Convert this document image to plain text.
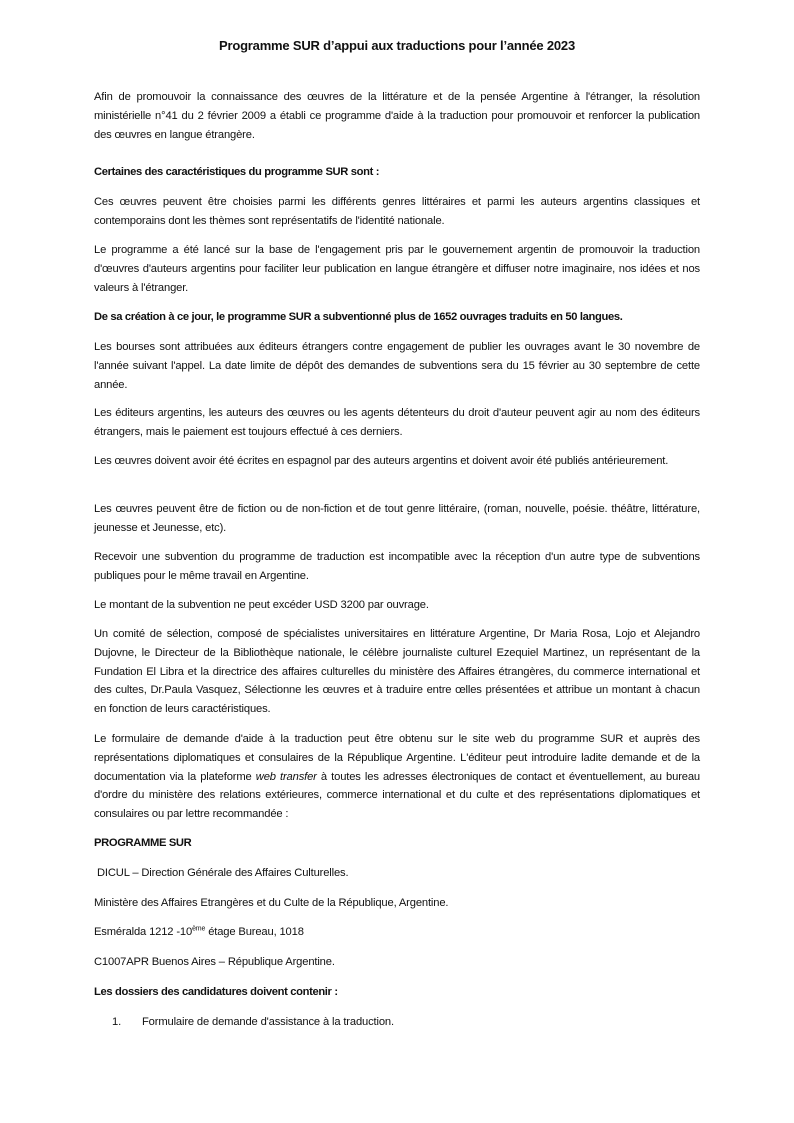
Programme SUR d’appui aux traductions pour l’année 2023

Afin de promouvoir la connaissance des œuvres de la littérature et de la pensée Argentine à l'étranger, la résolution ministérielle n°41 du 2 février 2009 a établi ce programme d'aide à la traduction pour promouvoir et renforcer la publication des œuvres en langue étrangère.

Certaines des caractéristiques du programme SUR sont :

Ces œuvres peuvent être choisies parmi les différents genres littéraires et parmi les auteurs argentins classiques et contemporains dont les thèmes sont représentatifs de l'identité nationale.

Le programme a été lancé sur la base de l'engagement pris par le gouvernement argentin de promouvoir la traduction d'œuvres d'auteurs argentins pour faciliter leur publication en langue étrangère et diffuser notre imaginaire, nos idées et nos valeurs à l'étranger.

De sa création à ce jour, le programme SUR a subventionné plus de 1652 ouvrages traduits en 50 langues.

Les bourses sont attribuées aux éditeurs étrangers contre engagement de publier les ouvrages avant le 30 novembre de l'année suivant l'appel. La date limite de dépôt des demandes de subventions sera du 15 février au 30 septembre de cette année.

Les éditeurs argentins, les auteurs des œuvres ou les agents détenteurs du droit d'auteur peuvent agir au nom des éditeurs étrangers, mais le paiement est toujours effectué à ces derniers.

Les œuvres doivent avoir été écrites en espagnol par des auteurs argentins et doivent avoir été publiés antérieurement.

Les œuvres peuvent être de fiction ou de non-fiction et de tout genre littéraire, (roman, nouvelle, poésie. théâtre, littérature, jeunesse et Jeunesse, etc).

Recevoir une subvention du programme de traduction est incompatible avec la réception d'un autre type de subventions publiques pour le même travail en Argentine.

Le montant de la subvention ne peut excéder USD 3200 par ouvrage.

Un comité de sélection, composé de spécialistes universitaires en littérature Argentine, Dr Maria Rosa, Lojo et Alejandro Dujovne, le Directeur de la Bibliothèque nationale, le célèbre journaliste culturel Ezequiel Martinez, un représentant de la Fundation El Libra et la directrice des affaires culturelles du ministère des Affaires étrangères, du commerce international et des cultes, Dr.Paula Vasquez, Sélectionne les œuvres et à traduire entre œlles présentées et attribue un montant à chacun en fonction de leurs caractéristiques.

Le formulaire de demande d'aide à la traduction peut être obtenu sur le site web du programme SUR et auprès des représentations diplomatiques et consulaires de la République Argentine. L'éditeur peut introduire ladite demande et de la documentation via la plateforme web transfer à toutes les adresses électroniques de contact et éventuellement, au bureau d'ordre du ministère des relations extérieures, commerce international et du culte et des représentations diplomatiques et consulaires ou par lettre recommandée :

PROGRAMME SUR

DICUL – Direction Générale des Affaires Culturelles.

Ministère des Affaires Etrangères et du Culte de la République, Argentine.

Esméralda 1212 -10ème étage Bureau, 1018

C1007APR Buenos Aires – République Argentine.

Les dossiers des candidatures doivent contenir :

1. Formulaire de demande d'assistance à la traduction.
